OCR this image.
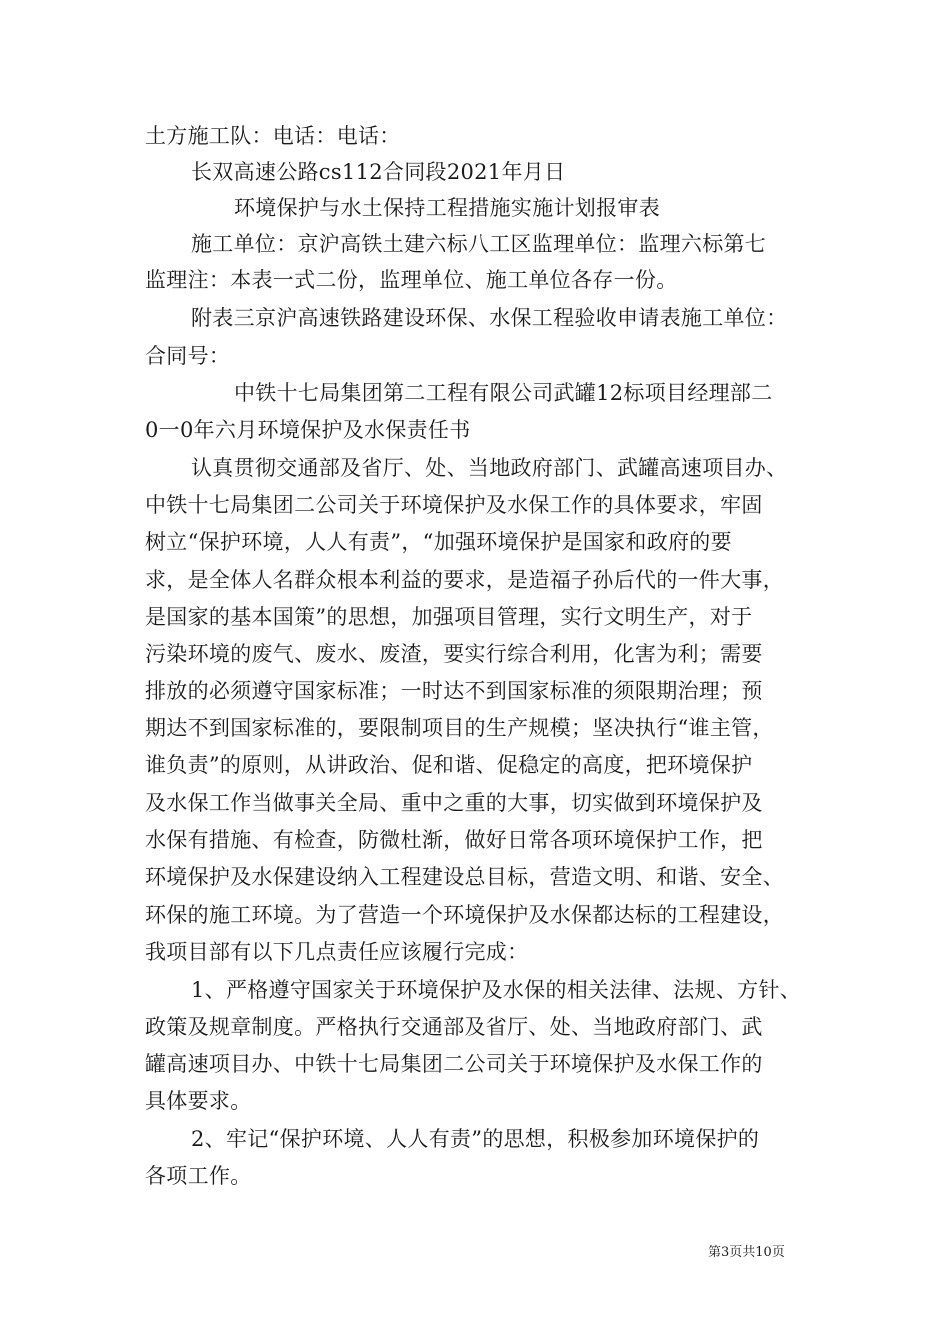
土方施工队：电话：电话：
长双高速公路cs112合同段2021年月日
环境保护与水土保持工程措施实施计划报审表
施工单位：京沪高铁土建六标八工区监理单位：监理六标第七
监理注：本表一式二份，监理单位、施工单位各存一份。
附表三京沪高速铁路建设环保、水保工程验收申请表施工单位：
合同号：
中铁十七局集团第二工程有限公司武罐12标项目经理部二
0一0年六月环境保护及水保责任书
认真贯彻交通部及省厅、处、当地政府部门、武罐高速项目办、
中铁十七局集团二公司关于环境保护及水保工作的具体要求，牢固
树立“保护环境，人人有责”，“加强环境保护是国家和政府的要
求，是全体人名群众根本利益的要求，是造福子孙后代的一件大事，
是国家的基本国策”的思想，加强项目管理，实行文明生产，对于
污染环境的废气、废水、废渣，要实行综合利用，化害为利；需要
排放的必须遵守国家标准；一时达不到国家标准的须限期治理；预
期达不到国家标准的，要限制项目的生产规模；坚决执行“谁主管，
谁负责”的原则，从讲政治、促和谐、促稳定的高度，把环境保护
及水保工作当做事关全局、重中之重的大事，切实做到环境保护及
水保有措施、有检查，防微杜渐，做好日常各项环境保护工作，把
环境保护及水保建设纳入工程建设总目标，营造文明、和谐、安全、
环保的施工环境。为了营造一个环境保护及水保都达标的工程建设，
我项目部有以下几点责任应该履行完成：
1、严格遵守国家关于环境保护及水保的相关法律、法规、方针、
政策及规章制度。严格执行交通部及省厅、处、当地政府部门、武
罐高速项目办、中铁十七局集团二公司关于环境保护及水保工作的
具体要求。
2、牢记“保护环境、人人有责”的思想，积极参加环境保护的
各项工作。
第3页共10页
